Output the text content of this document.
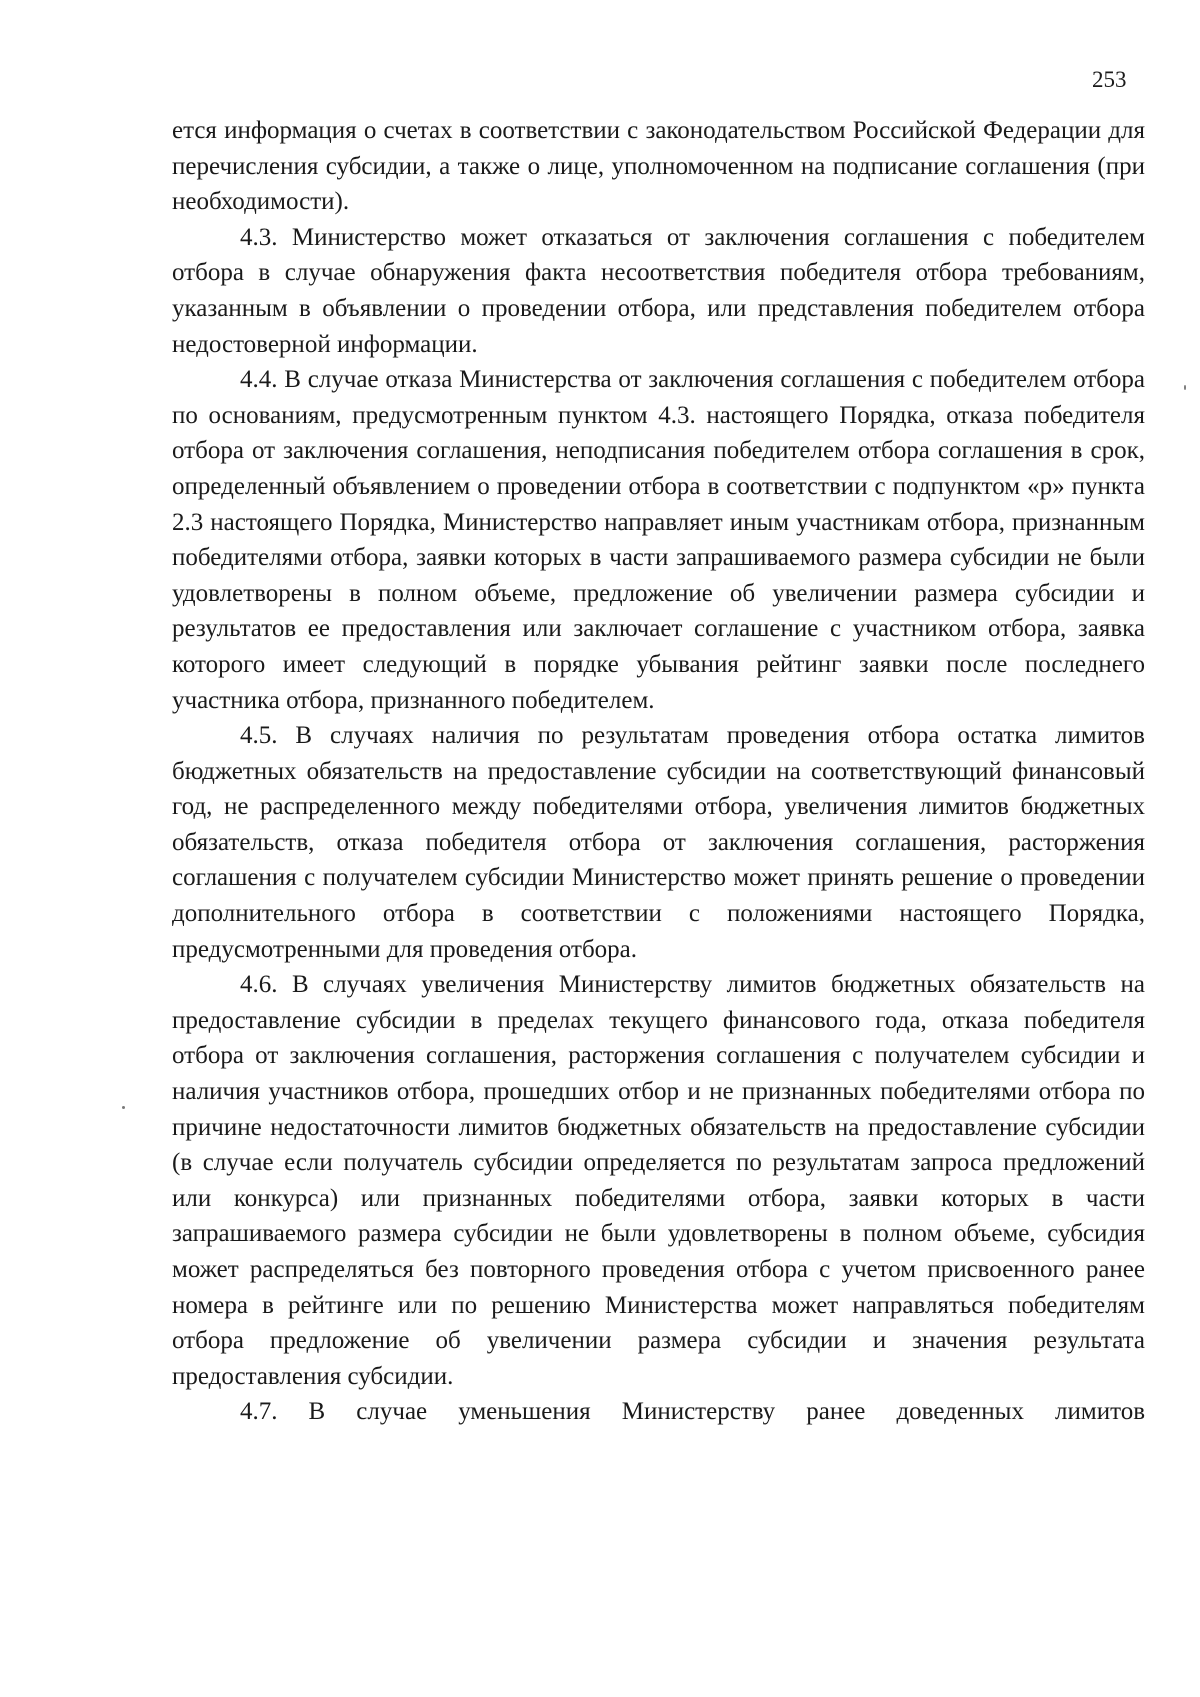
253

ется информация о счетах в соответствии с законодательством Российской Федерации для перечисления субсидии, а также о лице, уполномоченном на подписание соглашения (при необходимости).

4.3. Министерство может отказаться от заключения соглашения с победителем отбора в случае обнаружения факта несоответствия победителя отбора требованиям, указанным в объявлении о проведении отбора, или представления победителем отбора недостоверной информации.

4.4. В случае отказа Министерства от заключения соглашения с победителем отбора по основаниям, предусмотренным пунктом 4.3. настоящего Порядка, отказа победителя отбора от заключения соглашения, неподписания победителем отбора соглашения в срок, определенный объявлением о проведении отбора в соответствии с подпунктом «р» пункта 2.3 настоящего Порядка, Министерство направляет иным участникам отбора, признанным победителями отбора, заявки которых в части запрашиваемого размера субсидии не были удовлетворены в полном объеме, предложение об увеличении размера субсидии и результатов ее предоставления или заключает соглашение с участником отбора, заявка которого имеет следующий в порядке убывания рейтинг заявки после последнего участника отбора, признанного победителем.

4.5. В случаях наличия по результатам проведения отбора остатка лимитов бюджетных обязательств на предоставление субсидии на соответствующий финансовый год, не распределенного между победителями отбора, увеличения лимитов бюджетных обязательств, отказа победителя отбора от заключения соглашения, расторжения соглашения с получателем субсидии Министерство может принять решение о проведении дополнительного отбора в соответствии с положениями настоящего Порядка, предусмотренными для проведения отбора.

4.6. В случаях увеличения Министерству лимитов бюджетных обязательств на предоставление субсидии в пределах текущего финансового года, отказа победителя отбора от заключения соглашения, расторжения соглашения с получателем субсидии и наличия участников отбора, прошедших отбор и не признанных победителями отбора по причине недостаточности лимитов бюджетных обязательств на предоставление субсидии (в случае если получатель субсидии определяется по результатам запроса предложений или конкурса) или признанных победителями отбора, заявки которых в части запрашиваемого размера субсидии не были удовлетворены в полном объеме, субсидия может распределяться без повторного проведения отбора с учетом присвоенного ранее номера в рейтинге или по решению Министерства может направляться победителям отбора предложение об увеличении размера субсидии и значения результата предоставления субсидии.

4.7. В случае уменьшения Министерству ранее доведенных лимитов
